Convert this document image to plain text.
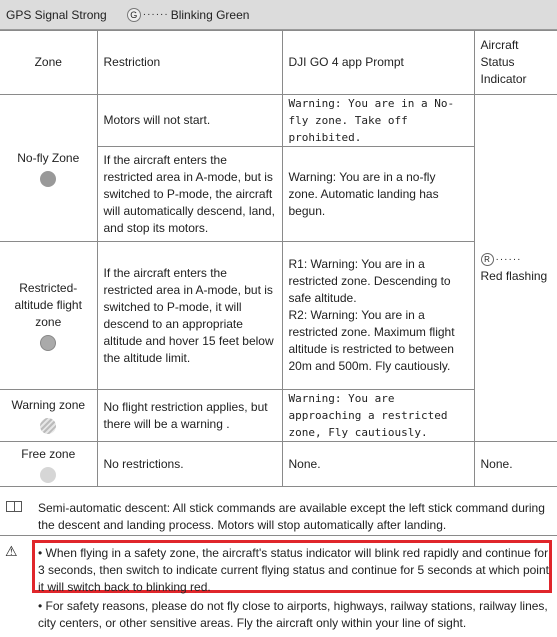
GPS Signal Strong	G ······ Blinking Green
Zone	Restriction	DJI GO 4 app Prompt	Aircraft Status Indicator

No-fly Zone	Motors will not start.	Warning: You are in a No-fly zone. Take off prohibited.	R ······
Red flashing
	If the aircraft enters the restricted area in A-mode, but is switched to P-mode, the aircraft will automatically descend, land, and stop its motors.	Warning: You are in a no-fly zone. Automatic landing has begun.	

Restricted-altitude flight zone	If the aircraft enters the restricted area in A-mode, but is switched to P-mode, it will descend to an appropriate altitude and hover 15 feet below the altitude limit.	R1: Warning: You are in a restricted zone. Descending to safe altitude.
R2: Warning: You are in a restricted zone. Maximum flight altitude is restricted to between 20m and 500m. Fly cautiously.	

Warning zone	No flight restriction applies, but there will be a warning .	Warning: You are approaching a restricted zone, Fly cautiously.	

Free zone	No restrictions.	None.	None.
Semi-automatic descent: All stick commands are available except the left stick command during the descent and landing process. Motors will stop automatically after landing.
⚠ • When flying in a safety zone, the aircraft's status indicator will blink red rapidly and continue for 3 seconds, then switch to indicate current flying status and continue for 5 seconds at which point it will switch back to blinking red.
• For safety reasons, please do not fly close to airports, highways, railway stations, railway lines, city centers, or other sensitive areas. Fly the aircraft only within your line of sight.
